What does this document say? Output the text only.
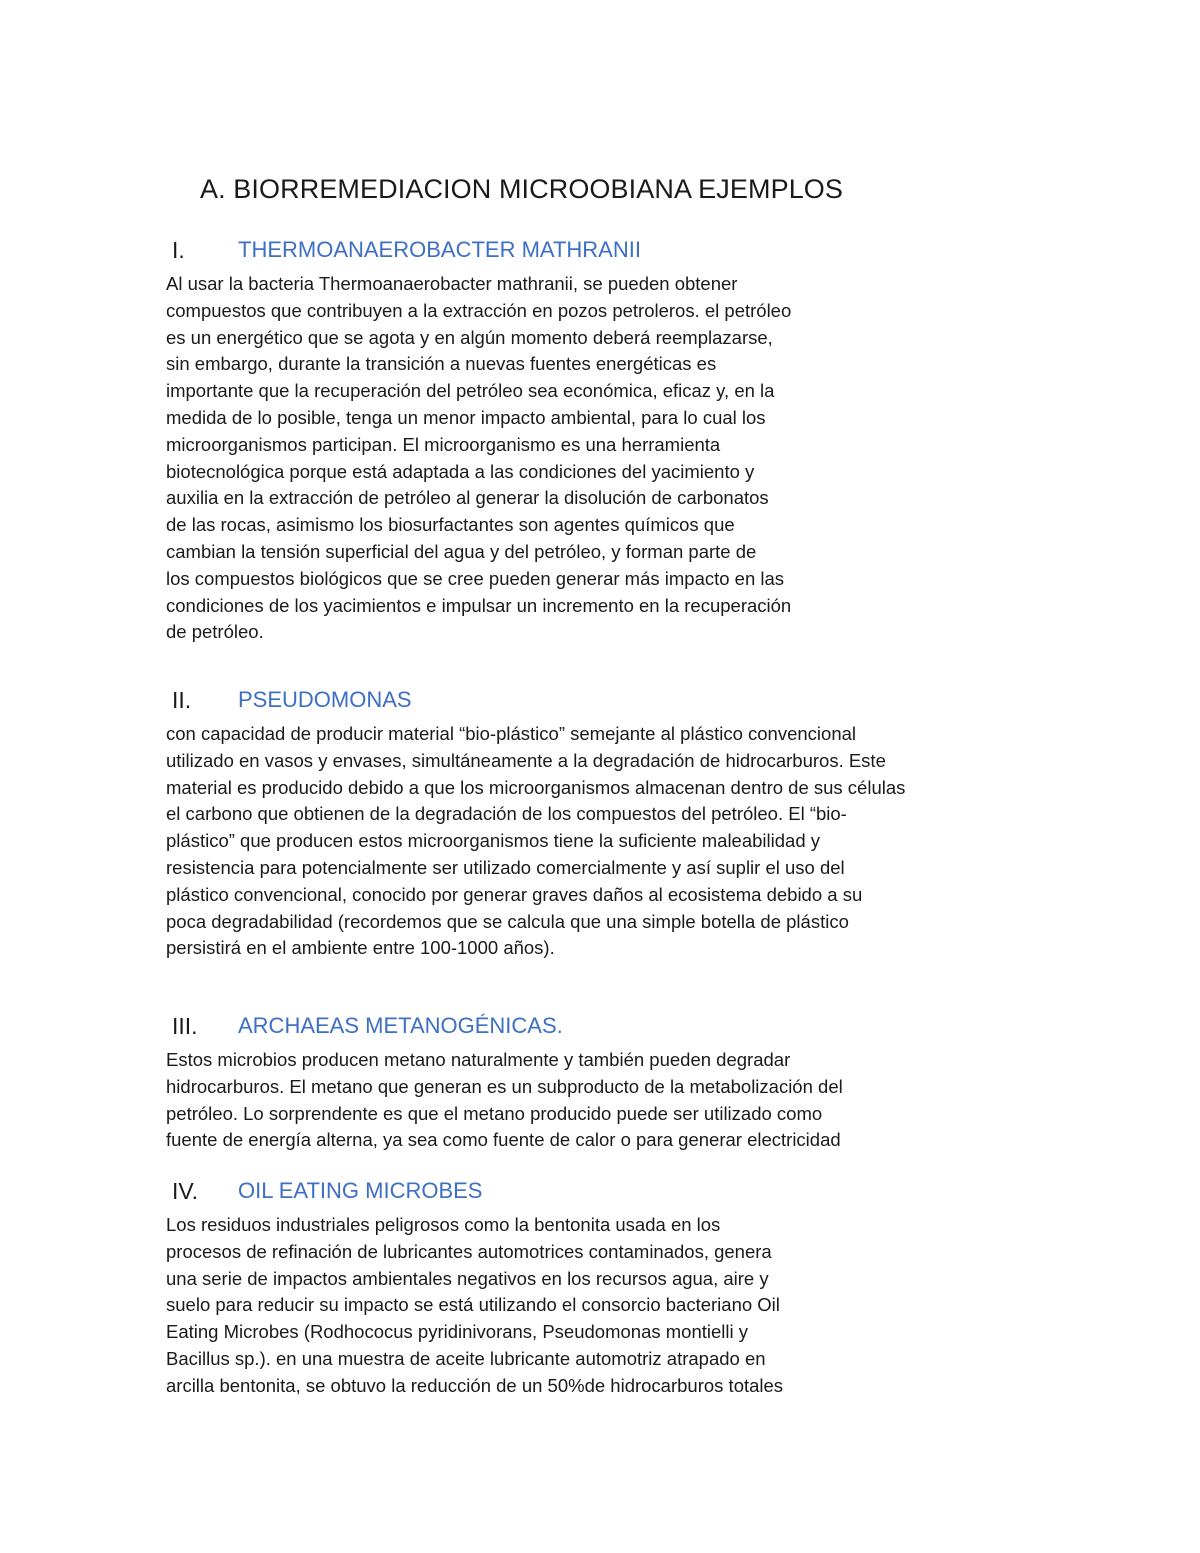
A. BIORREMEDIACION MICROOBIANA EJEMPLOS
I. THERMOANAEROBACTER MATHRANII
Al usar la bacteria Thermoanaerobacter mathranii, se pueden obtener
compuestos que contribuyen a la extracción en pozos petroleros. el petróleo
es un energético que se agota y en algún momento deberá reemplazarse,
sin embargo, durante la transición a nuevas fuentes energéticas es
importante que la recuperación del petróleo sea económica, eficaz y, en la
medida de lo posible, tenga un menor impacto ambiental, para lo cual los
microorganismos participan. El microorganismo es una herramienta
biotecnológica porque está adaptada a las condiciones del yacimiento y
auxilia en la extracción de petróleo al generar la disolución de carbonatos
de las rocas, asimismo los biosurfactantes son agentes químicos que
cambian la tensión superficial del agua y del petróleo, y forman parte de
los compuestos biológicos que se cree pueden generar más impacto en las
condiciones de los yacimientos e impulsar un incremento en la recuperación
de petróleo.
II. PSEUDOMONAS
con capacidad de producir material “bio-plástico” semejante al plástico convencional
utilizado en vasos y envases, simultáneamente a la degradación de hidrocarburos. Este
material es producido debido a que los microorganismos almacenan dentro de sus células
el carbono que obtienen de la degradación de los compuestos del petróleo. El “bio-
plástico” que producen estos microorganismos tiene la suficiente maleabilidad y
resistencia para potencialmente ser utilizado comercialmente y así suplir el uso del
plástico convencional, conocido por generar graves daños al ecosistema debido a su
poca degradabilidad (recordemos que se calcula que una simple botella de plástico
persistirá en el ambiente entre 100-1000 años).
III. ARCHAEAS METANOGÉNICAS.
Estos microbios producen metano naturalmente y también pueden degradar
hidrocarburos. El metano que generan es un subproducto de la metabolización del
petróleo. Lo sorprendente es que el metano producido puede ser utilizado como
fuente de energía alterna, ya sea como fuente de calor o para generar electricidad
IV. OIL EATING MICROBES
Los residuos industriales peligrosos como la bentonita usada en los
procesos de refinación de lubricantes automotrices contaminados, genera
una serie de impactos ambientales negativos en los recursos agua, aire y
suelo para reducir su impacto se está utilizando el consorcio bacteriano Oil
Eating Microbes (Rodhococus pyridinivorans, Pseudomonas montielli y
Bacillus sp.). en una muestra de aceite lubricante automotriz atrapado en
arcilla bentonita, se obtuvo la reducción de un 50%de hidrocarburos totales
